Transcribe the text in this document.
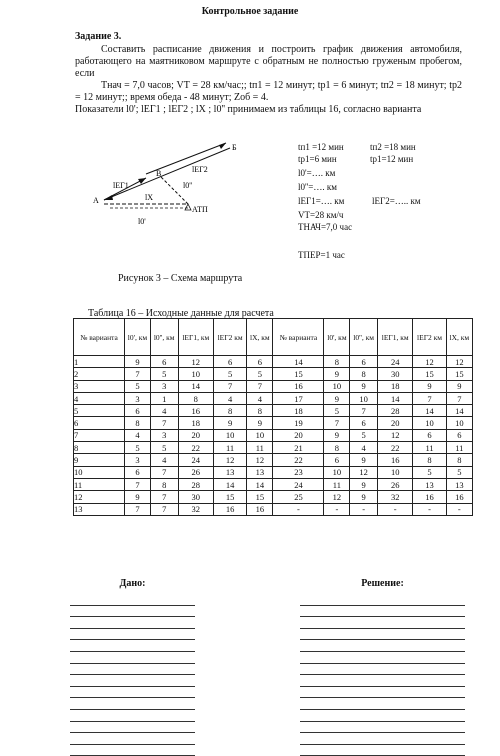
Контрольное задание
Задание 3.

Составить расписание движения и построить график движения автомобиля, работающего на маятниковом маршруте с обратным не полностью груженым пробегом, если

Tнач = 7,0 часов; VT = 28 км/час;; tп1 = 12 минут; tр1 = 6 минут; tп2 = 18 минут; tр2 = 12 минут;; время обеда - 48 минут; Zоб = 4.

Показатели l0'; lЕГ1 ; lЕГ2 ; lX ; l0'' принимаем из таблицы 16, согласно варианта

Б
В
А
АТП
lЕГ1
lЕГ2
lX
l0''
l0'
tп1 =12 мин	tп2 =18 мин
tр1=6 мин	tр1=12 мин
l0'=…. км
l0''=…. км
lЕГ1=…. км	lЕГ2=….. км
VT=28 км/ч
TНАЧ=7,0 час
TПЕР=1 час
Рисунок 3 – Схема маршрута
Таблица 16 – Исходные данные для расчета
№ варианта	l0', км	l0'', км	lЕГ1, км	lЕГ2 км	lX, км	№ варианта	l0', км	l0'', км	lЕГ1, км	lЕГ2 км	lX, км
1	9	6	12	6	6	14	8	6	24	12	12
2	7	5	10	5	5	15	9	8	30	15	15
3	5	3	14	7	7	16	10	9	18	9	9
4	3	1	8	4	4	17	9	10	14	7	7
5	6	4	16	8	8	18	5	7	28	14	14
6	8	7	18	9	9	19	7	6	20	10	10
7	4	3	20	10	10	20	9	5	12	6	6
8	5	5	22	11	11	21	8	4	22	11	11
9	3	4	24	12	12	22	6	9	16	8	8
10	6	7	26	13	13	23	10	12	10	5	5
11	7	8	28	14	14	24	11	9	26	13	13
12	9	7	30	15	15	25	12	9	32	16	16
13	7	7	32	16	16	-	-	-	-	-	-
Дано:	Решение:
